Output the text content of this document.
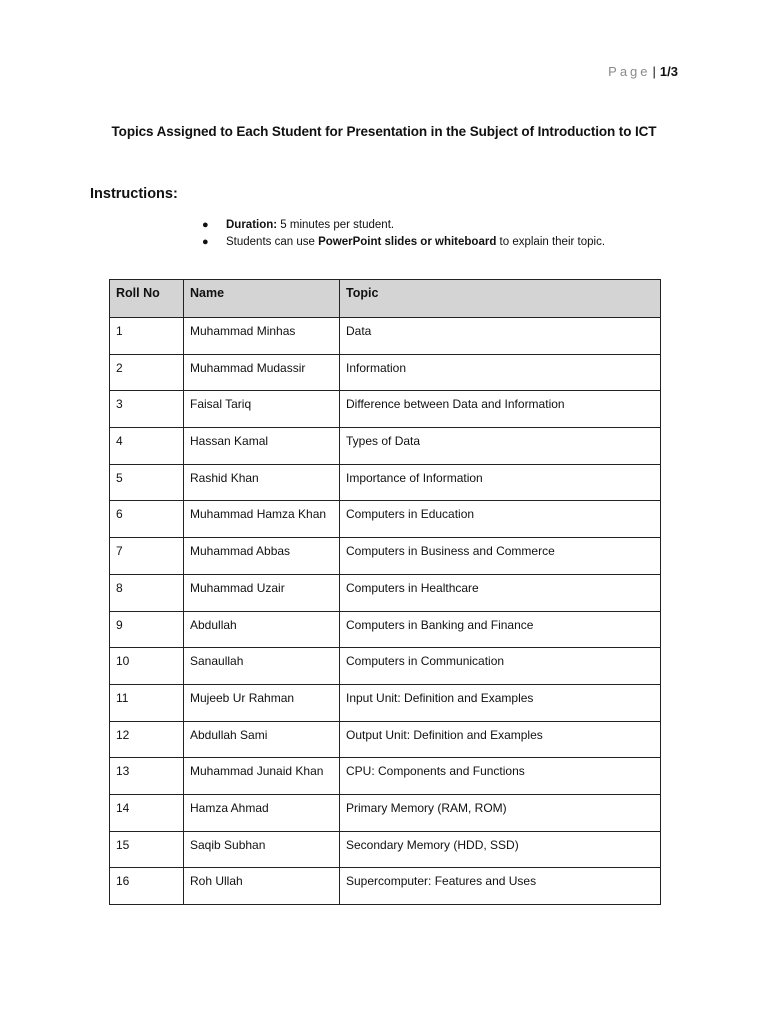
Page | 1/3
Topics Assigned to Each Student for Presentation in the Subject of Introduction to ICT
Instructions:
● Duration: 5 minutes per student.
● Students can use PowerPoint slides or whiteboard to explain their topic.
Roll No	Name	Topic
1	Muhammad Minhas	Data
2	Muhammad Mudassir	Information
3	Faisal Tariq	Difference between Data and Information
4	Hassan Kamal	Types of Data
5	Rashid Khan	Importance of Information
6	Muhammad Hamza Khan	Computers in Education
7	Muhammad Abbas	Computers in Business and Commerce
8	Muhammad Uzair	Computers in Healthcare
9	Abdullah	Computers in Banking and Finance
10	Sanaullah	Computers in Communication
11	Mujeeb Ur Rahman	Input Unit: Definition and Examples
12	Abdullah Sami	Output Unit: Definition and Examples
13	Muhammad Junaid Khan	CPU: Components and Functions
14	Hamza Ahmad	Primary Memory (RAM, ROM)
15	Saqib Subhan	Secondary Memory (HDD, SSD)
16	Roh Ullah	Supercomputer: Features and Uses
